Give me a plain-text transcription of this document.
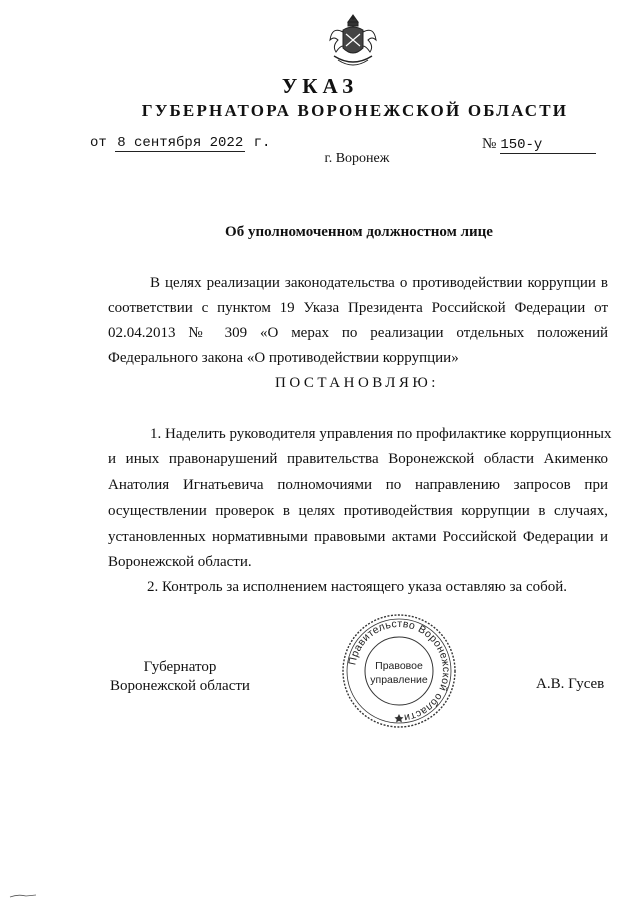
УКАЗ
ГУБЕРНАТОРА ВОРОНЕЖСКОЙ ОБЛАСТИ
от 8 сентября 2022 г.	№ 150-у
г. Воронеж
Об уполномоченном должностном лице
В целях реализации законодательства о противодействии коррупции в
соответствии с пунктом 19 Указа Президента Российской Федерации от
02.04.2013 № 309 «О мерах по реализации отдельных положений
Федерального закона «О противодействии коррупции»
ПОСТАНОВЛЯЮ:
1. Наделить руководителя управления по профилактике коррупционных
и иных правонарушений правительства Воронежской области Акименко
Анатолия Игнатьевича полномочиями по направлению запросов при
осуществлении проверок в целях противодействия коррупции в случаях,
установленных нормативными правовыми актами Российской Федерации и
Воронежской области.
2. Контроль за исполнением настоящего указа оставляю за собой.
Губернатор
Воронежской области
Правительство Воронежской области
Правовое
управление	А.В. Гусев
